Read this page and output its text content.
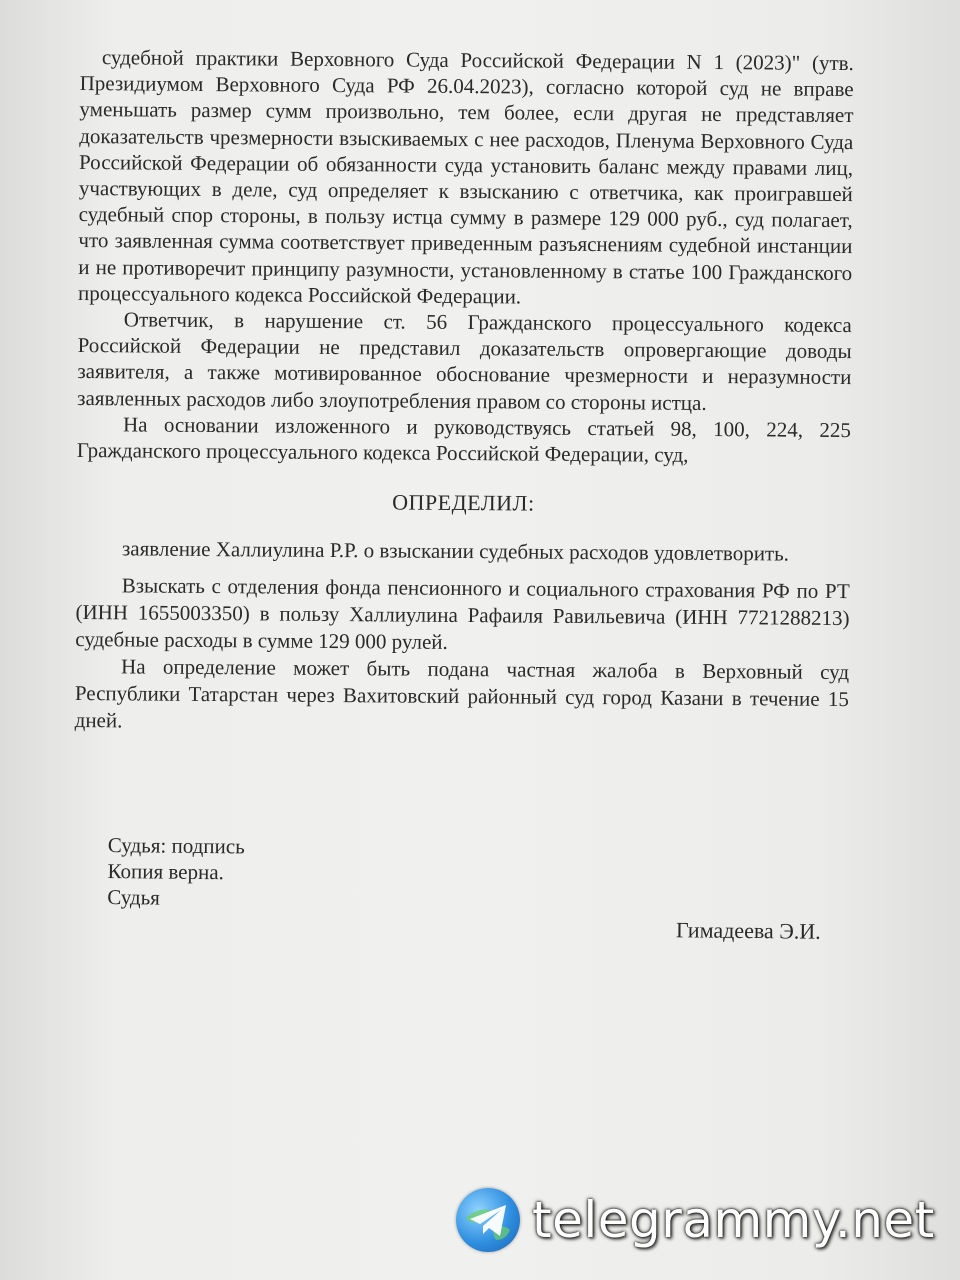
судебной практики Верховного Суда Российской Федерации N 1 (2023)" (утв. Президиумом Верховного Суда РФ 26.04.2023), согласно которой суд не вправе уменьшать размер сумм произвольно, тем более, если другая не представляет доказательств чрезмерности взыскиваемых с нее расходов, Пленума Верховного Суда Российской Федерации об обязанности суда установить баланс между правами лиц, участвующих в деле, суд определяет к взысканию с ответчика, как проигравшей судебный спор стороны, в пользу истца сумму в размере 129 000 руб., суд полагает, что заявленная сумма соответствует приведенным разъяснениям судебной инстанции и не противоречит принципу разумности, установленному в статье 100 Гражданского процессуального кодекса Российской Федерации.

Ответчик, в нарушение ст. 56 Гражданского процессуального кодекса Российской Федерации не представил доказательств опровергающие доводы заявителя, а также мотивированное обоснование чрезмерности и неразумности заявленных расходов либо злоупотребления правом со стороны истца.

На основании изложенного и руководствуясь статьей 98, 100, 224, 225 Гражданского процессуального кодекса Российской Федерации, суд,

ОПРЕДЕЛИЛ:

заявление Халлиулина Р.Р. о взыскании судебных расходов удовлетворить.

Взыскать с отделения фонда пенсионного и социального страхования РФ по РТ (ИНН 1655003350) в пользу Халлиулина Рафаиля Равильевича (ИНН 7721288213) судебные расходы в сумме 129 000 рулей.

На определение может быть подана частная жалоба в Верховный суд Республики Татарстан через Вахитовский районный суд город Казани в течение 15 дней.

Судья: подпись
Копия верна.
Судья
Гимадеева Э.И.
telegrammy.net
